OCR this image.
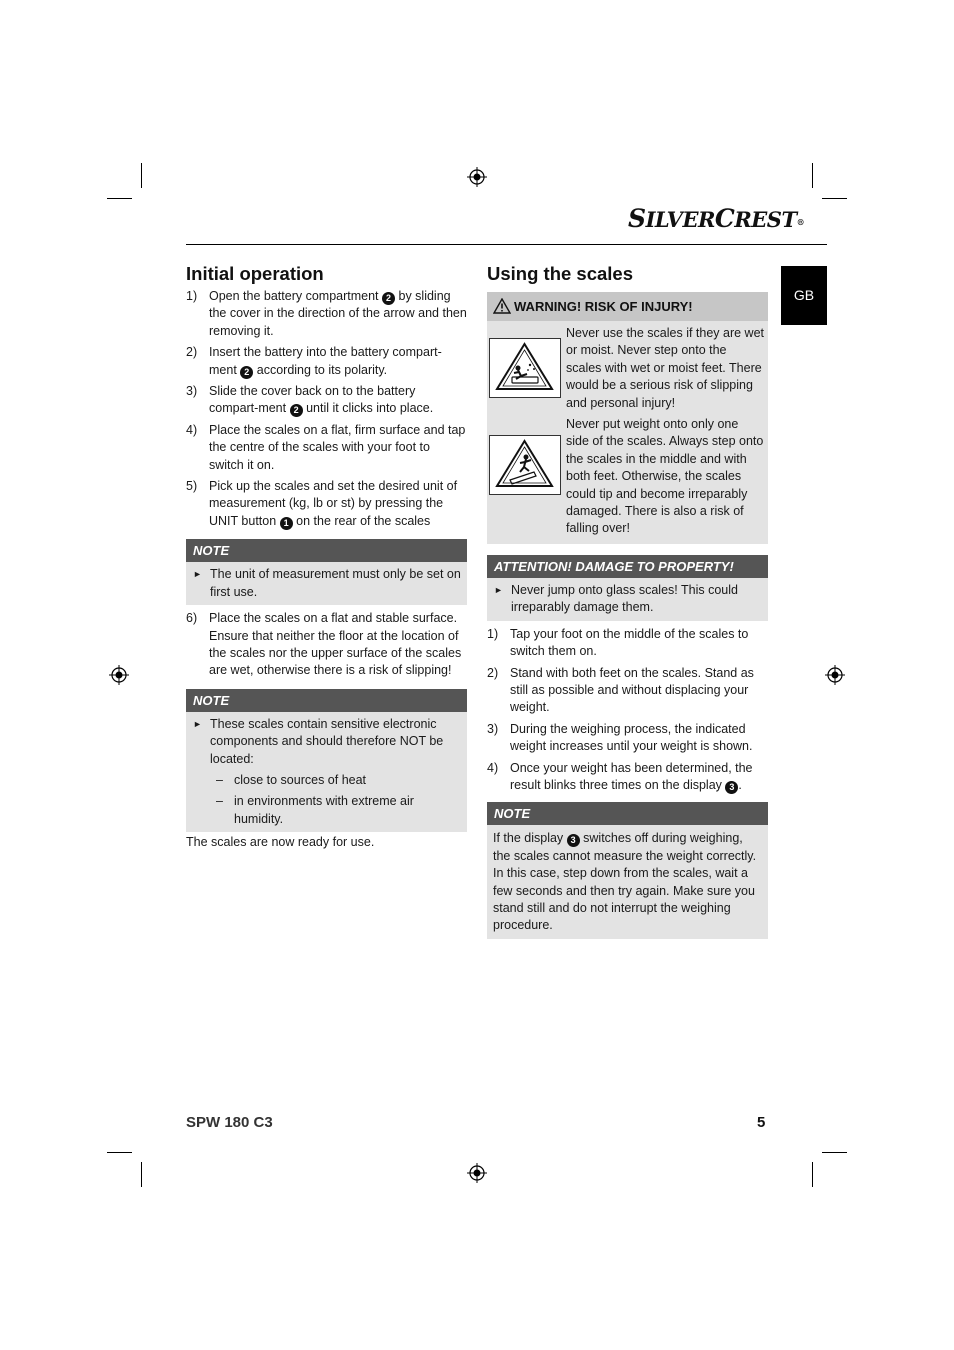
SILVERCREST®
GB
Initial operation
1) Open the battery compartment 2 by sliding the cover in the direction of the arrow and then removing it.
2) Insert the battery into the battery compart-ment 2 according to its polarity.
3) Slide the cover back on to the battery compart-ment 2 until it clicks into place.
4) Place the scales on a flat, firm surface and tap the centre of the scales with your foot to switch it on.
5) Pick up the scales and set the desired unit of measurement (kg, lb or st) by pressing the UNIT button 1 on the rear of the scales
NOTE
► The unit of measurement must only be set on first use.
6) Place the scales on a flat and stable surface. Ensure that neither the floor at the location of the scales nor the upper surface of the scales are wet, otherwise there is a risk of slipping!
NOTE
► These scales contain sensitive electronic components and should therefore NOT be located:
– close to sources of heat
– in environments with extreme air humidity.

The scales are now ready for use.

Using the scales
WARNING! RISK OF INJURY!

Never use the scales if they are wet or moist. Never step onto the scales with wet or moist feet. There would be a serious risk of slipping and personal injury!

Never put weight onto only one side of the scales. Always step onto the scales in the middle and with both feet. Otherwise, the scales could tip and become irreparably damaged. There is also a risk of falling over!

ATTENTION! DAMAGE TO PROPERTY!
► Never jump onto glass scales! This could irreparably damage them.
1) Tap your foot on the middle of the scales to switch them on.
2) Stand with both feet on the scales. Stand as still as possible and without displacing your weight.
3) During the weighing process, the indicated weight increases until your weight is shown.
4) Once your weight has been determined, the result blinks three times on the display 3 .
NOTE

If the display 3 switches off during weighing, the scales cannot measure the weight correctly. In this case, step down from the scales, wait a few seconds and then try again. Make sure you stand still and do not interrupt the weighing procedure.

SPW 180 C3	5
